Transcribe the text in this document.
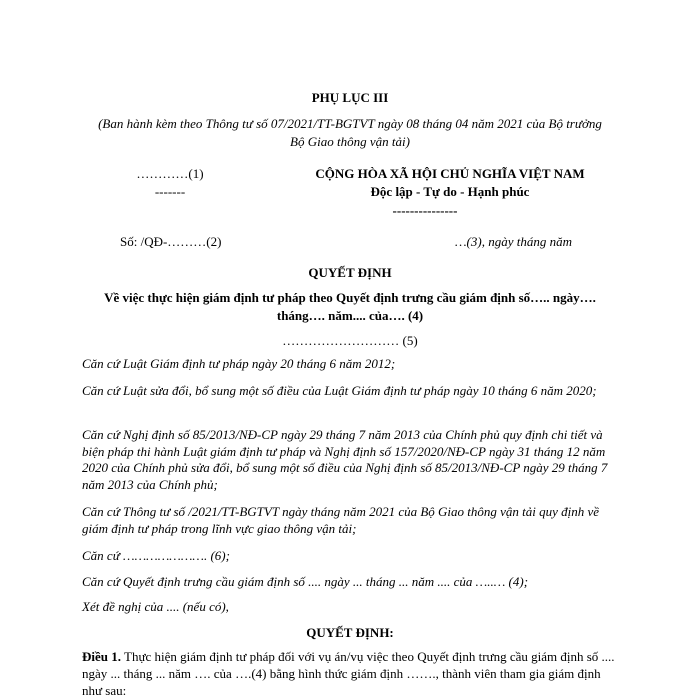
PHỤ LỤC III
(Ban hành kèm theo Thông tư số 07/2021/TT-BGTVT ngày 08 tháng 04 năm 2021 của Bộ trưởng
Bộ Giao thông vận tải)
…………(1)
-------
CỘNG HÒA XÃ HỘI CHỦ NGHĨA VIỆT NAM
Độc lập - Tự do - Hạnh phúc
---------------
Số: /QĐ-………(2)	…(3), ngày tháng năm
QUYẾT ĐỊNH
Về việc thực hiện giám định tư pháp theo Quyết định trưng cầu giám định số….. ngày….
tháng…. năm.... của…. (4)
……………………… (5)
Căn cứ Luật Giám định tư pháp ngày 20 tháng 6 năm 2012;
Căn cứ Luật sửa đổi, bổ sung một số điều của Luật Giám định tư pháp ngày 10 tháng 6 năm 2020;
Căn cứ Nghị định số 85/2013/NĐ-CP ngày 29 tháng 7 năm 2013 của Chính phủ quy định chi tiết và biện pháp thi hành Luật giám định tư pháp và Nghị định số 157/2020/NĐ-CP ngày 31 tháng 12 năm 2020 của Chính phủ sửa đổi, bổ sung một số điều của Nghị định số 85/2013/NĐ-CP ngày 29 tháng 7 năm 2013 của Chính phủ;
Căn cứ Thông tư số /2021/TT-BGTVT ngày tháng năm 2021 của Bộ Giao thông vận tải quy định về giám định tư pháp trong lĩnh vực giao thông vận tải;
Căn cứ …………………. (6);
Căn cứ Quyết định trưng cầu giám định số .... ngày ... tháng ... năm .... của …..… (4);
Xét đề nghị của .... (nếu có),
QUYẾT ĐỊNH:
Điều 1. Thực hiện giám định tư pháp đối với vụ án/vụ việc theo Quyết định trưng cầu giám định số .... ngày ... tháng ... năm …. của ….(4) bằng hình thức giám định ……., thành viên tham gia giám định như sau:
